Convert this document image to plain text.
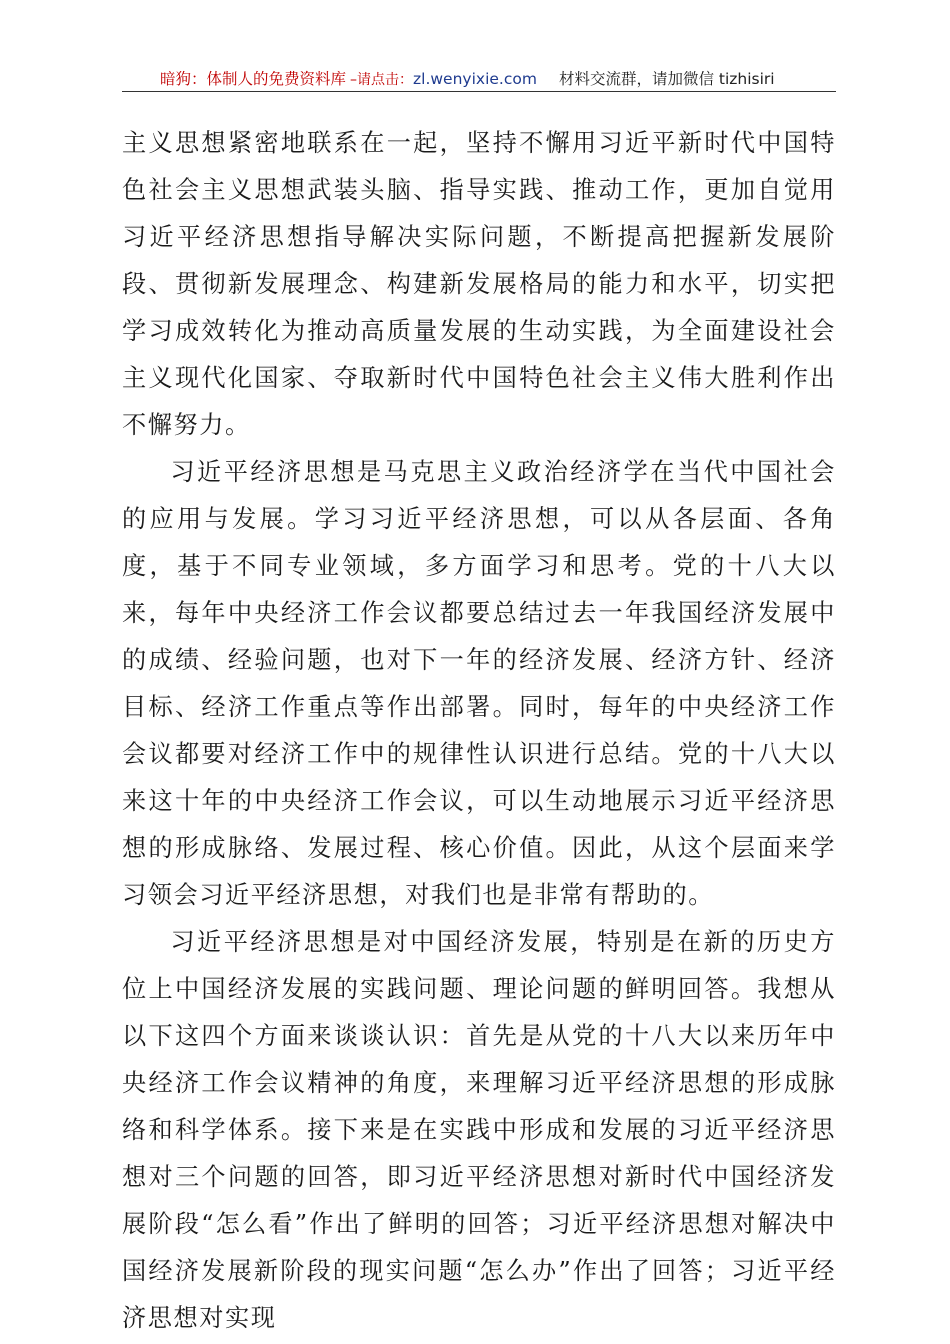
暗狗：体制人的免费资料库 –请点击：zl.wenyixie.com 材料交流群，请加微信 tizhisiri

主义思想紧密地联系在一起，坚持不懈用习近平新时代中国特色社会主义思想武装头脑、指导实践、推动工作，更加自觉用习近平经济思想指导解决实际问题，不断提高把握新发展阶段、贯彻新发展理念、构建新发展格局的能力和水平，切实把学习成效转化为推动高质量发展的生动实践，为全面建设社会主义现代化国家、夺取新时代中国特色社会主义伟大胜利作出不懈努力。

习近平经济思想是马克思主义政治经济学在当代中国社会的应用与发展。学习习近平经济思想，可以从各层面、各角度，基于不同专业领域，多方面学习和思考。党的十八大以来，每年中央经济工作会议都要总结过去一年我国经济发展中的成绩、经验问题，也对下一年的经济发展、经济方针、经济目标、经济工作重点等作出部署。同时，每年的中央经济工作会议都要对经济工作中的规律性认识进行总结。党的十八大以来这十年的中央经济工作会议，可以生动地展示习近平经济思想的形成脉络、发展过程、核心价值。因此，从这个层面来学习领会习近平经济思想，对我们也是非常有帮助的。

习近平经济思想是对中国经济发展，特别是在新的历史方位上中国经济发展的实践问题、理论问题的鲜明回答。我想从以下这四个方面来谈谈认识：首先是从党的十八大以来历年中央经济工作会议精神的角度，来理解习近平经济思想的形成脉络和科学体系。接下来是在实践中形成和发展的习近平经济思想对三个问题的回答，即习近平经济思想对新时代中国经济发展阶段“怎么看”作出了鲜明的回答；习近平经济思想对解决中国经济发展新阶段的现实问题“怎么办”作出了回答；习近平经济思想对实现
